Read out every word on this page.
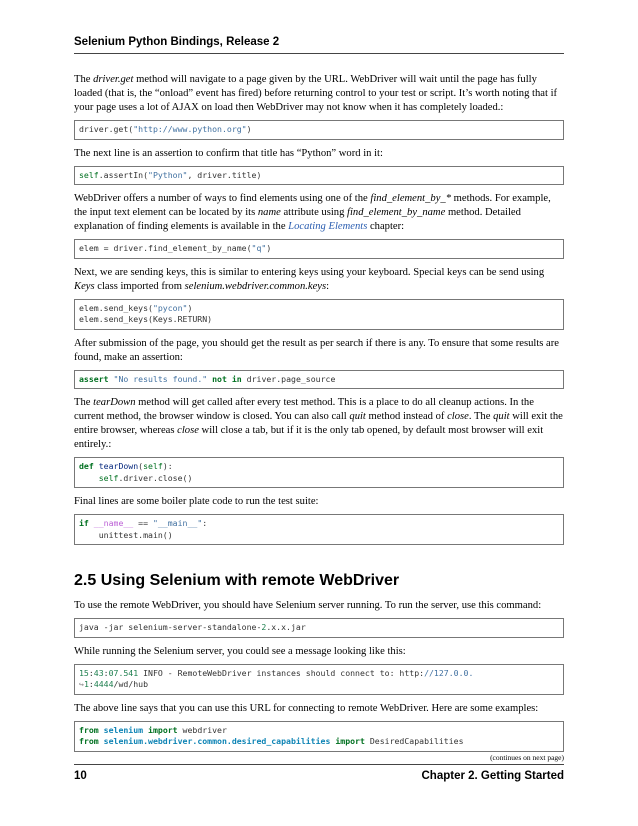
Selenium Python Bindings, Release 2

The driver.get method will navigate to a page given by the URL. WebDriver will wait until the page has fully loaded (that is, the “onload” event has fired) before returning control to your test or script. It’s worth noting that if your page uses a lot of AJAX on load then WebDriver may not know when it has completely loaded.:

driver.get("http://www.python.org")

The next line is an assertion to confirm that title has “Python” word in it:

self.assertIn("Python", driver.title)

WebDriver offers a number of ways to find elements using one of the find_element_by_* methods. For example, the input text element can be located by its name attribute using find_element_by_name method. Detailed explanation of finding elements is available in the Locating Elements chapter:

elem = driver.find_element_by_name("q")

Next, we are sending keys, this is similar to entering keys using your keyboard. Special keys can be send using Keys class imported from selenium.webdriver.common.keys:

elem.send_keys("pycon")
elem.send_keys(Keys.RETURN)

After submission of the page, you should get the result as per search if there is any. To ensure that some results are found, make an assertion:

assert "No results found." not in driver.page_source

The tearDown method will get called after every test method. This is a place to do all cleanup actions. In the current method, the browser window is closed. You can also call quit method instead of close. The quit will exit the entire browser, whereas close will close a tab, but if it is the only tab opened, by default most browser will exit entirely.:

def tearDown(self):
self.driver.close()

Final lines are some boiler plate code to run the test suite:

if __name__ == "__main__":
unittest.main()
2.5 Using Selenium with remote WebDriver

To use the remote WebDriver, you should have Selenium server running. To run the server, use this command:

java -jar selenium-server-standalone-2.x.x.jar

While running the Selenium server, you could see a message looking like this:

15:43:07.541 INFO - RemoteWebDriver instances should connect to: http://127.0.0.
↪1:4444/wd/hub

The above line says that you can use this URL for connecting to remote WebDriver. Here are some examples:

from selenium import webdriver
from selenium.webdriver.common.desired_capabilities import DesiredCapabilities
(continues on next page)
10	Chapter 2. Getting Started
